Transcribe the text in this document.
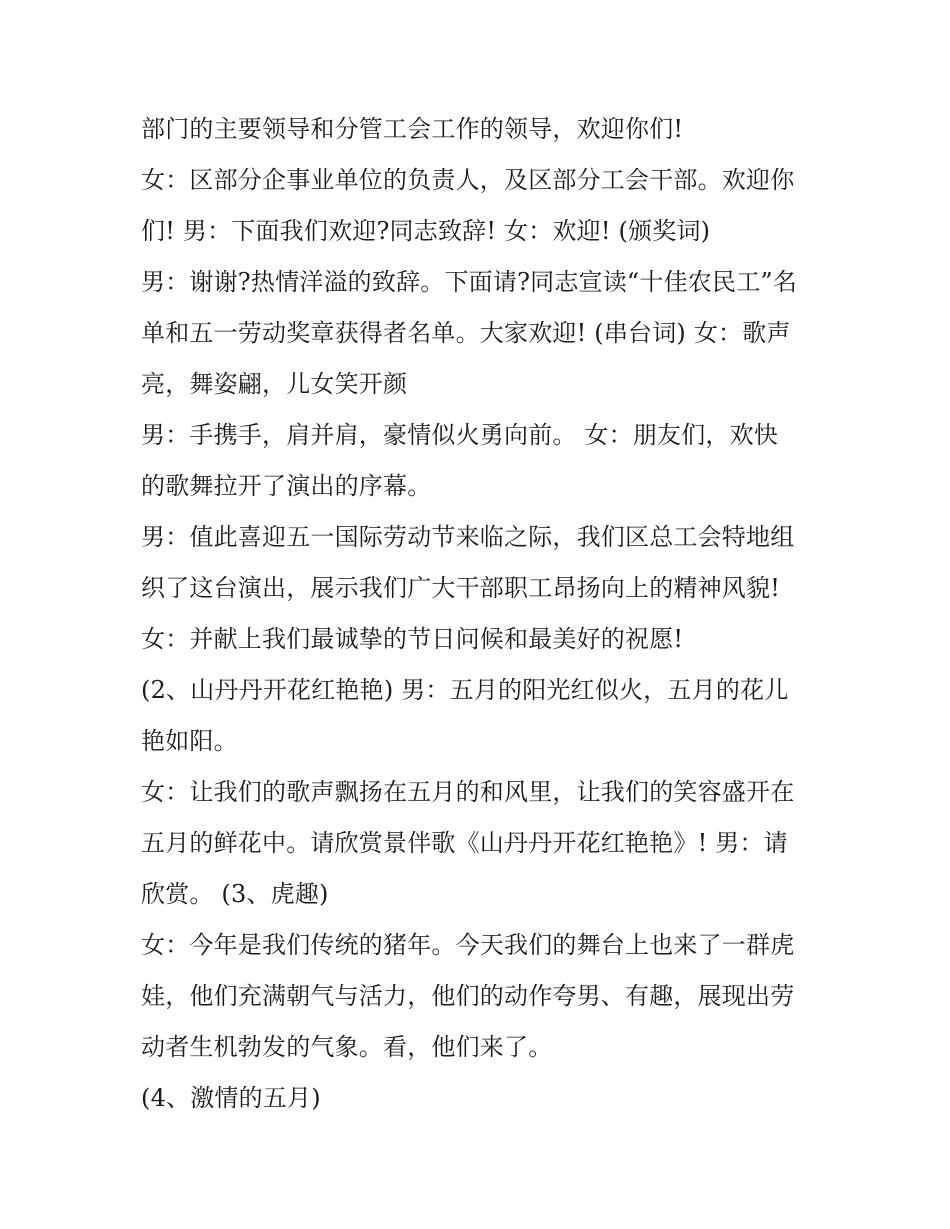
部门的主要领导和分管工会工作的领导，欢迎你们!
女：区部分企事业单位的负责人，及区部分工会干部。欢迎你
们! 男：下面我们欢迎?同志致辞! 女：欢迎! (颁奖词)
男：谢谢?热情洋溢的致辞。下面请?同志宣读“十佳农民工”名
单和五一劳动奖章获得者名单。大家欢迎! (串台词) 女：歌声
亮，舞姿翩，儿女笑开颜
男：手携手，肩并肩，豪情似火勇向前。 女：朋友们，欢快
的歌舞拉开了演出的序幕。
男：值此喜迎五一国际劳动节来临之际，我们区总工会特地组
织了这台演出，展示我们广大干部职工昂扬向上的精神风貌!
女：并献上我们最诚挚的节日问候和最美好的祝愿!
(2、山丹丹开花红艳艳) 男：五月的阳光红似火，五月的花儿
艳如阳。
女：让我们的歌声飘扬在五月的和风里，让我们的笑容盛开在
五月的鲜花中。请欣赏景伴歌《山丹丹开花红艳艳》! 男：请
欣赏。 (3、虎趣)
女：今年是我们传统的猪年。今天我们的舞台上也来了一群虎
娃，他们充满朝气与活力，他们的动作夸男、有趣，展现出劳
动者生机勃发的气象。看，他们来了。
(4、激情的五月)
